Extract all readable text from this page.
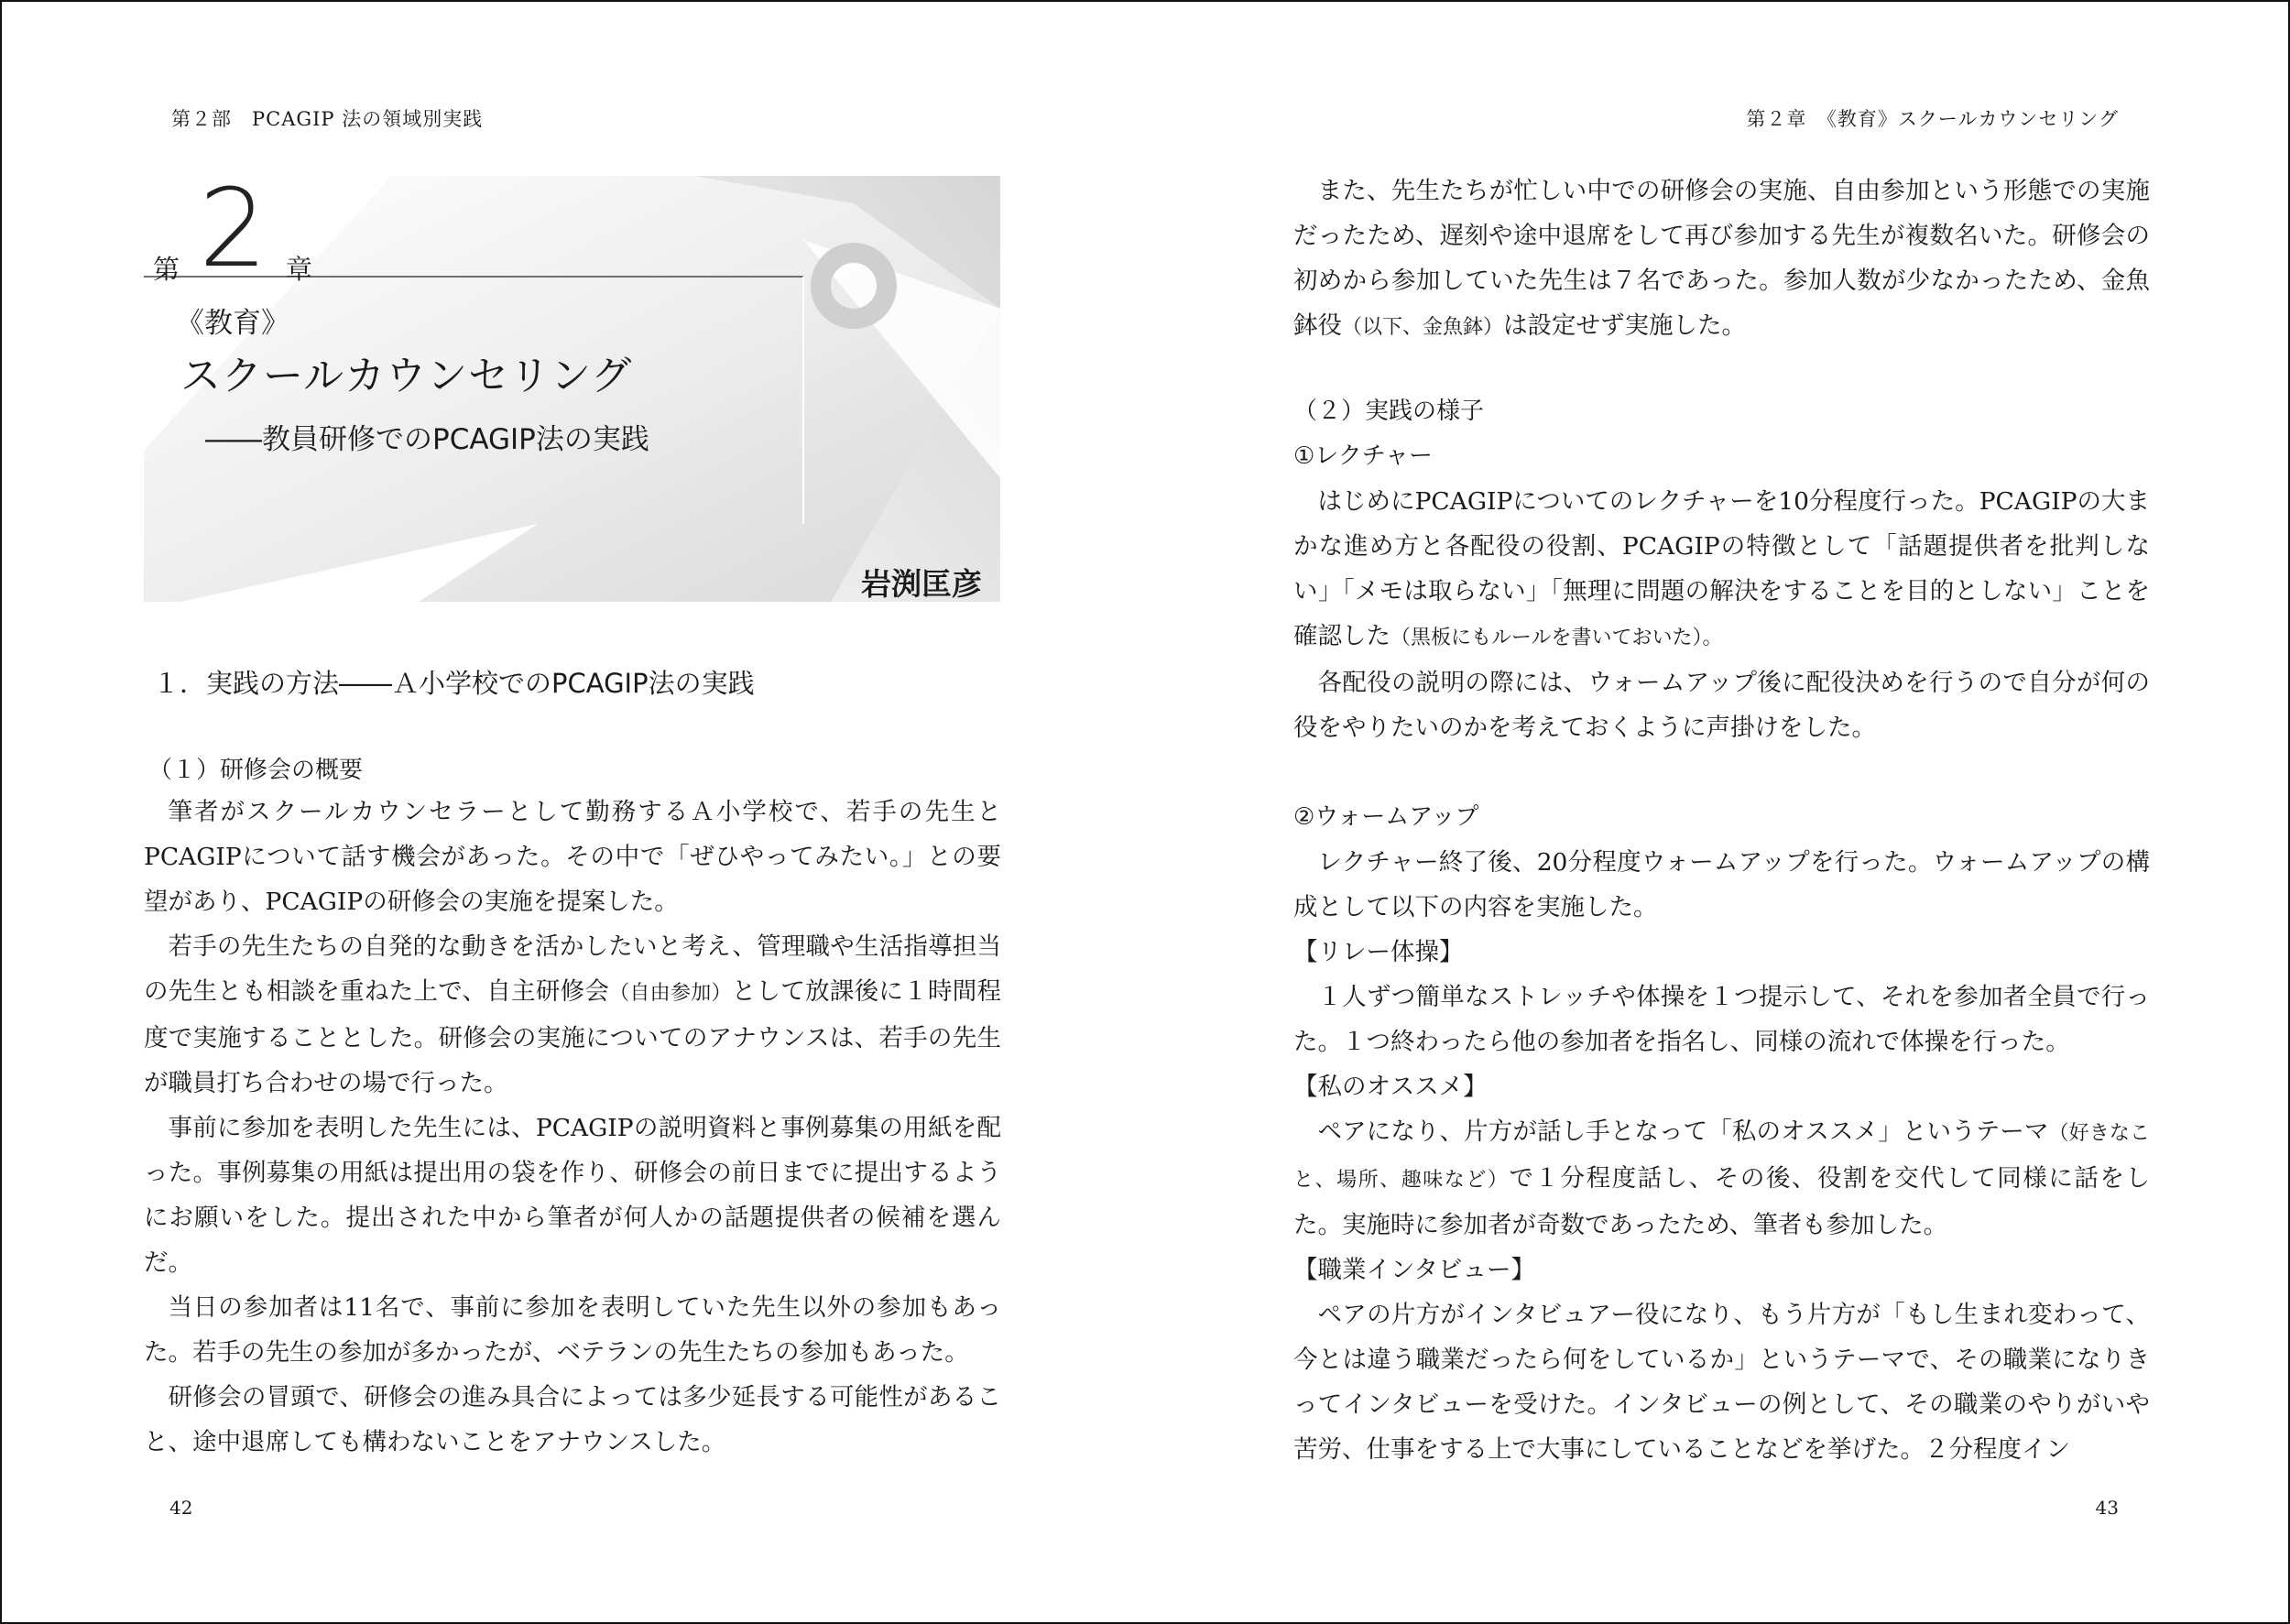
第２部　PCAGIP 法の領域別実践
第 2 章
《教育》
スクールカウンセリング
――教員研修でのPCAGIP法の実践
岩渕匡彦
１．実践の方法――Ａ小学校でのPCAGIP法の実践
（１）研修会の概要

筆者がスクールカウンセラーとして勤務するＡ小学校で、若手の先生とPCAGIPについて話す機会があった。その中で「ぜひやってみたい。」との要望があり、PCAGIPの研修会の実施を提案した。

若手の先生たちの自発的な動きを活かしたいと考え、管理職や生活指導担当の先生とも相談を重ねた上で、自主研修会（自由参加）として放課後に１時間程度で実施することとした。研修会の実施についてのアナウンスは、若手の先生が職員打ち合わせの場で行った。

事前に参加を表明した先生には、PCAGIPの説明資料と事例募集の用紙を配った。事例募集の用紙は提出用の袋を作り、研修会の前日までに提出するようにお願いをした。提出された中から筆者が何人かの話題提供者の候補を選んだ。

当日の参加者は11名で、事前に参加を表明していた先生以外の参加もあった。若手の先生の参加が多かったが、ベテランの先生たちの参加もあった。

研修会の冒頭で、研修会の進み具合によっては多少延長する可能性があること、途中退席しても構わないことをアナウンスした。

42
第２章　《教育》スクールカウンセリング

また、先生たちが忙しい中での研修会の実施、自由参加という形態での実施だったため、遅刻や途中退席をして再び参加する先生が複数名いた。研修会の初めから参加していた先生は７名であった。参加人数が少なかったため、金魚鉢役（以下、金魚鉢）は設定せず実施した。

（２）実践の様子

①レクチャー

はじめにPCAGIPについてのレクチャーを10分程度行った。PCAGIPの大まかな進め方と各配役の役割、PCAGIPの特徴として「話題提供者を批判しない」「メモは取らない」「無理に問題の解決をすることを目的としない」ことを確認した（黒板にもルールを書いておいた）。

各配役の説明の際には、ウォームアップ後に配役決めを行うので自分が何の役をやりたいのかを考えておくように声掛けをした。

②ウォームアップ

レクチャー終了後、20分程度ウォームアップを行った。ウォームアップの構成として以下の内容を実施した。

【リレー体操】

１人ずつ簡単なストレッチや体操を１つ提示して、それを参加者全員で行った。１つ終わったら他の参加者を指名し、同様の流れで体操を行った。

【私のオススメ】

ペアになり、片方が話し手となって「私のオススメ」というテーマ（好きなこと、場所、趣味など）で１分程度話し、その後、役割を交代して同様に話をした。実施時に参加者が奇数であったため、筆者も参加した。

【職業インタビュー】

ペアの片方がインタビュアー役になり、もう片方が「もし生まれ変わって、今とは違う職業だったら何をしているか」というテーマで、その職業になりきってインタビューを受けた。インタビューの例として、その職業のやりがいや苦労、仕事をする上で大事にしていることなどを挙げた。２分程度イン

43
